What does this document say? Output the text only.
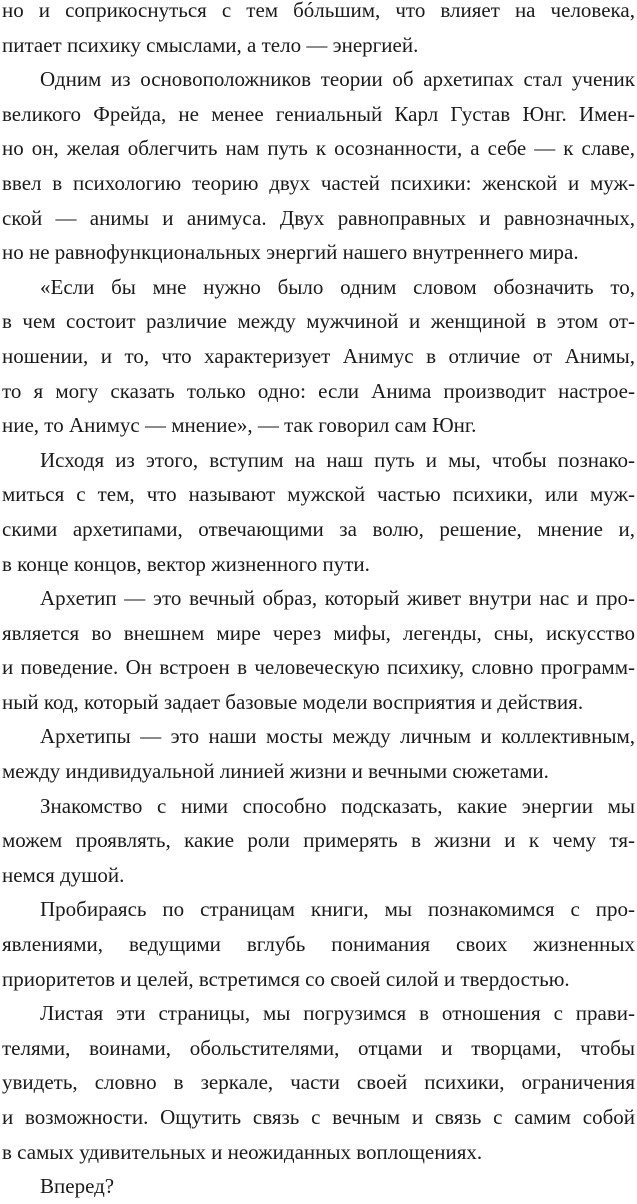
но и соприкоснуться с тем бóльшим, что влияет на человека,
питает психику смыслами, а тело — энергией.
Одним из основоположников теории об архетипах стал ученик
великого Фрейда, не менее гениальный Карл Густав Юнг. Имен-
но он, желая облегчить нам путь к осознанности, а себе — к славе,
ввел в психологию теорию двух частей психики: женской и муж-
ской — анимы и анимуса. Двух равноправных и равнозначных,
но не равнофункциональных энергий нашего внутреннего мира.
«Если бы мне нужно было одним словом обозначить то,
в чем состоит различие между мужчиной и женщиной в этом от-
ношении, и то, что характеризует Анимус в отличие от Анимы,
то я могу сказать только одно: если Анима производит настрое-
ние, то Анимус — мнение», — так говорил сам Юнг.
Исходя из этого, вступим на наш путь и мы, чтобы познако-
миться с тем, что называют мужской частью психики, или муж-
скими архетипами, отвечающими за волю, решение, мнение и,
в конце концов, вектор жизненного пути.
Архетип — это вечный образ, который живет внутри нас и про-
является во внешнем мире через мифы, легенды, сны, искусство
и поведение. Он встроен в человеческую психику, словно программ-
ный код, который задает базовые модели восприятия и действия.
Архетипы — это наши мосты между личным и коллективным,
между индивидуальной линией жизни и вечными сюжетами.
Знакомство с ними способно подсказать, какие энергии мы
можем проявлять, какие роли примерять в жизни и к чему тя-
немся душой.
Пробираясь по страницам книги, мы познакомимся с про-
явлениями, ведущими вглубь понимания своих жизненных
приоритетов и целей, встретимся со своей силой и твердостью.
Листая эти страницы, мы погрузимся в отношения с прави-
телями, воинами, обольстителями, отцами и творцами, чтобы
увидеть, словно в зеркале, части своей психики, ограничения
и возможности. Ощутить связь с вечным и связь с самим собой
в самых удивительных и неожиданных воплощениях.
Вперед?
